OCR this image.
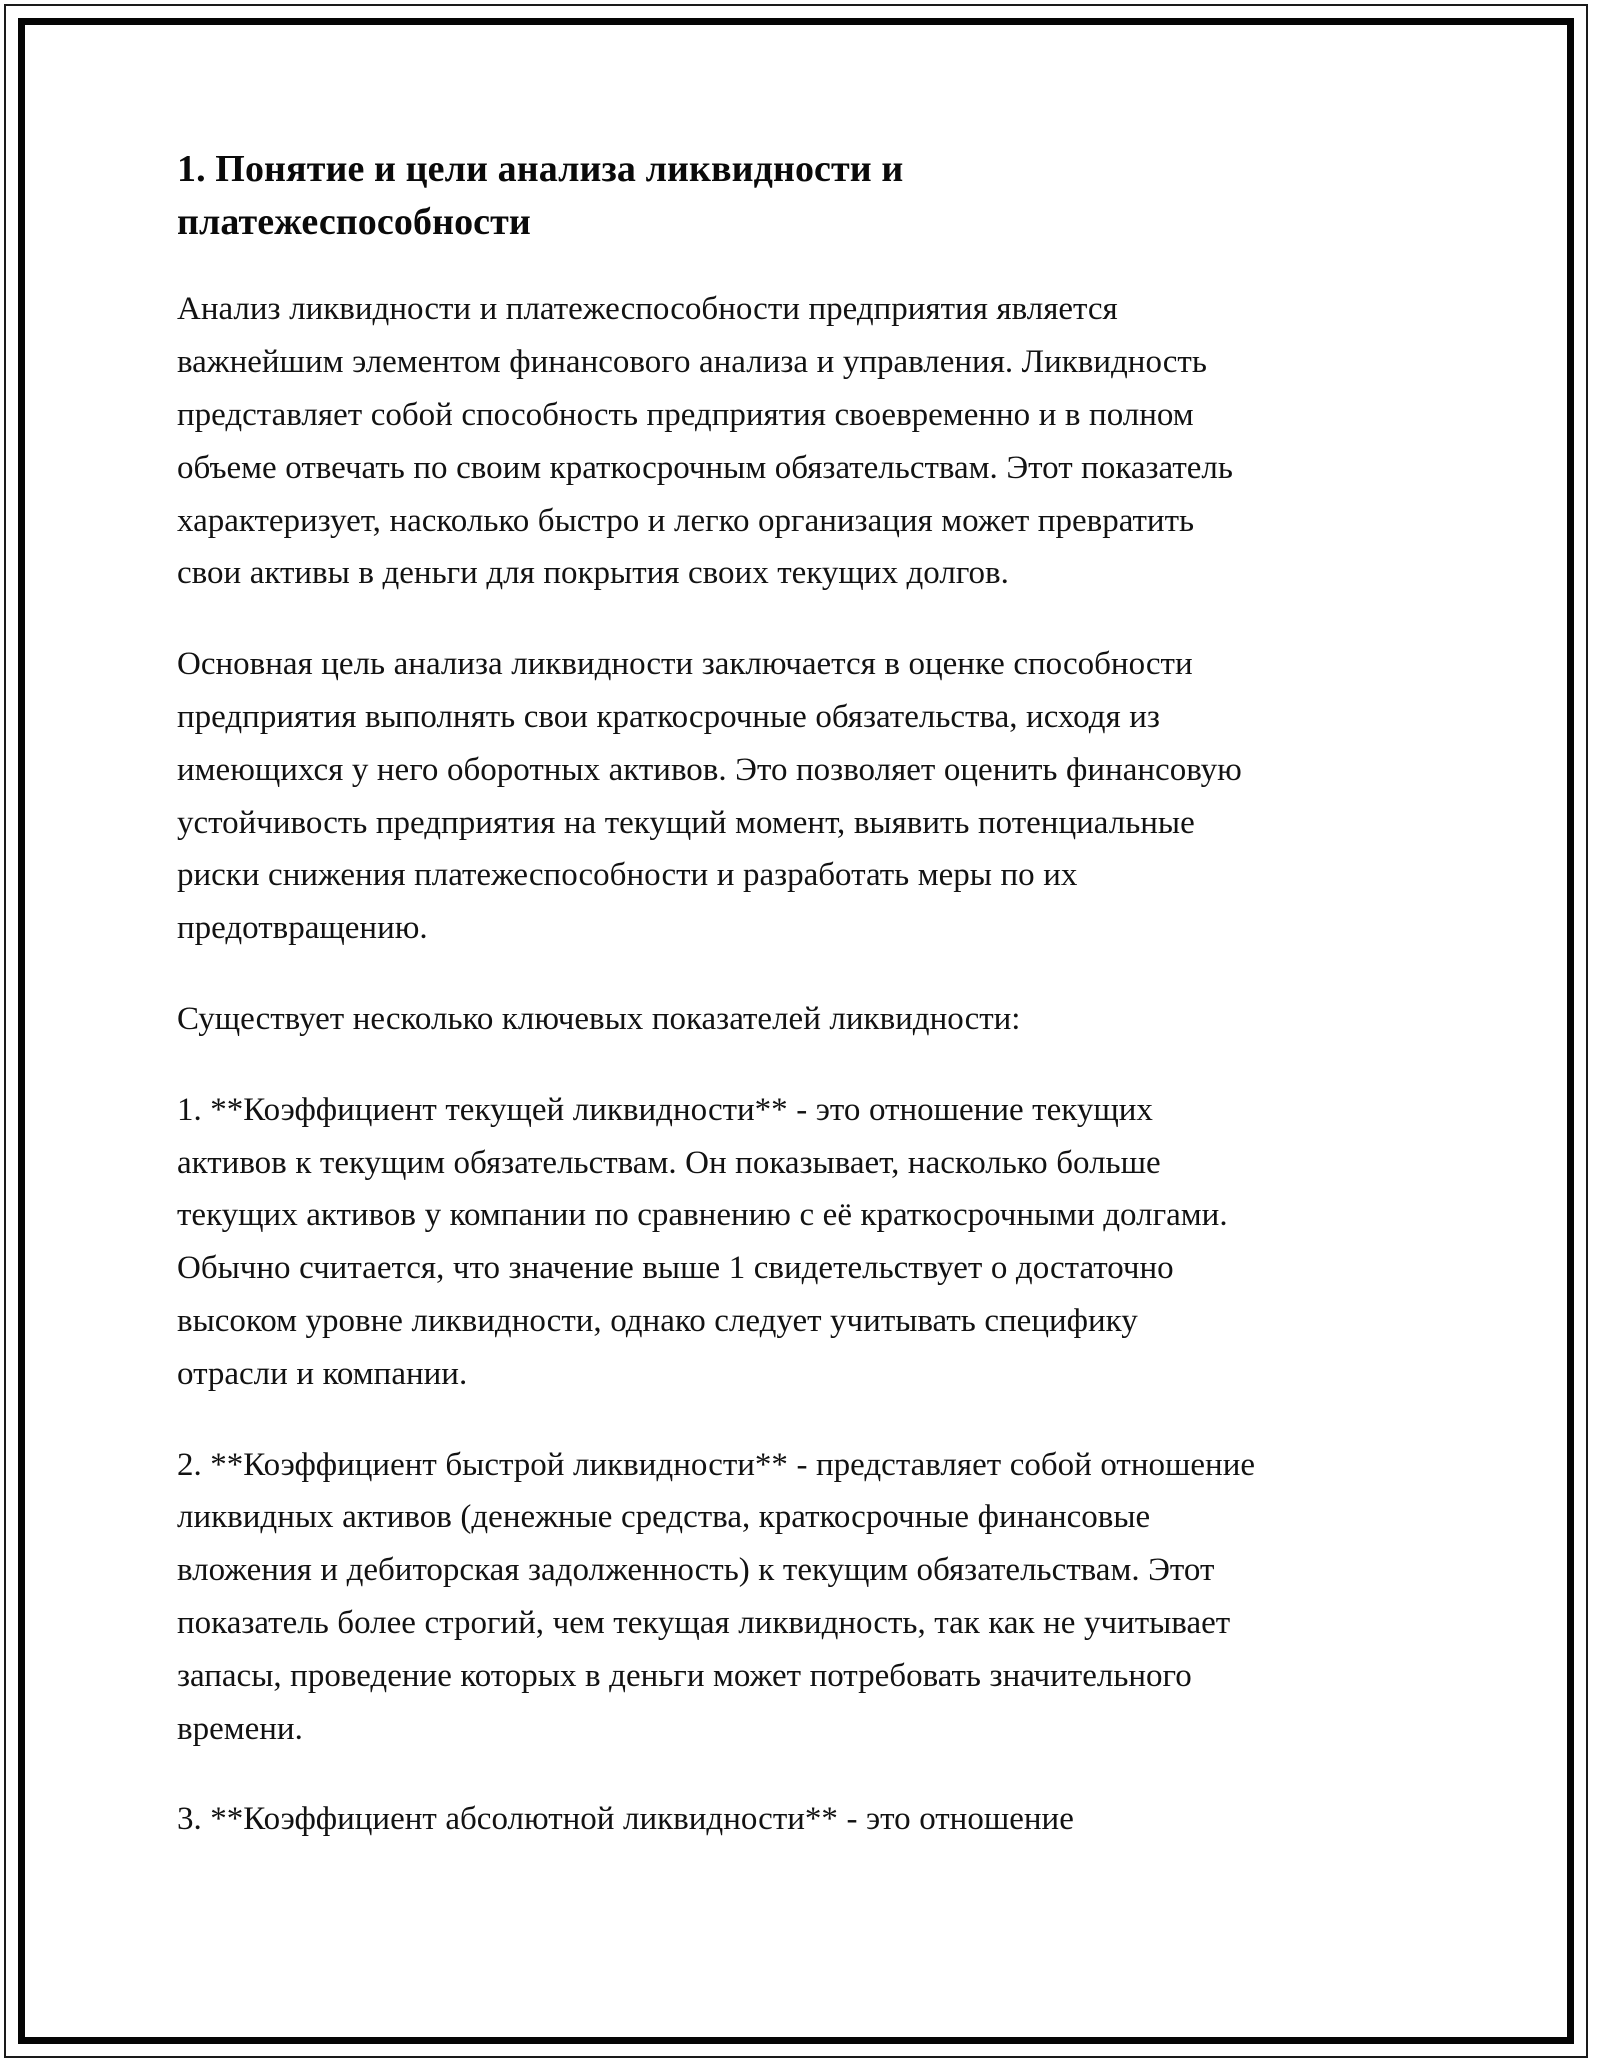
1. Понятие и цели анализа ликвидности и платежеспособности

Анализ ликвидности и платежеспособности предприятия является важнейшим элементом финансового анализа и управления. Ликвидность представляет собой способность предприятия своевременно и в полном объеме отвечать по своим краткосрочным обязательствам. Этот показатель характеризует, насколько быстро и легко организация может превратить свои активы в деньги для покрытия своих текущих долгов.

Основная цель анализа ликвидности заключается в оценке способности предприятия выполнять свои краткосрочные обязательства, исходя из имеющихся у него оборотных активов. Это позволяет оценить финансовую устойчивость предприятия на текущий момент, выявить потенциальные риски снижения платежеспособности и разработать меры по их предотвращению.

Существует несколько ключевых показателей ликвидности:

1. **Коэффициент текущей ликвидности** - это отношение текущих активов к текущим обязательствам. Он показывает, насколько больше текущих активов у компании по сравнению с её краткосрочными долгами. Обычно считается, что значение выше 1 свидетельствует о достаточно высоком уровне ликвидности, однако следует учитывать специфику отрасли и компании.

2. **Коэффициент быстрой ликвидности** - представляет собой отношение ликвидных активов (денежные средства, краткосрочные финансовые вложения и дебиторская задолженность) к текущим обязательствам. Этот показатель более строгий, чем текущая ликвидность, так как не учитывает запасы, проведение которых в деньги может потребовать значительного времени.

3. **Коэффициент абсолютной ликвидности** - это отношение
